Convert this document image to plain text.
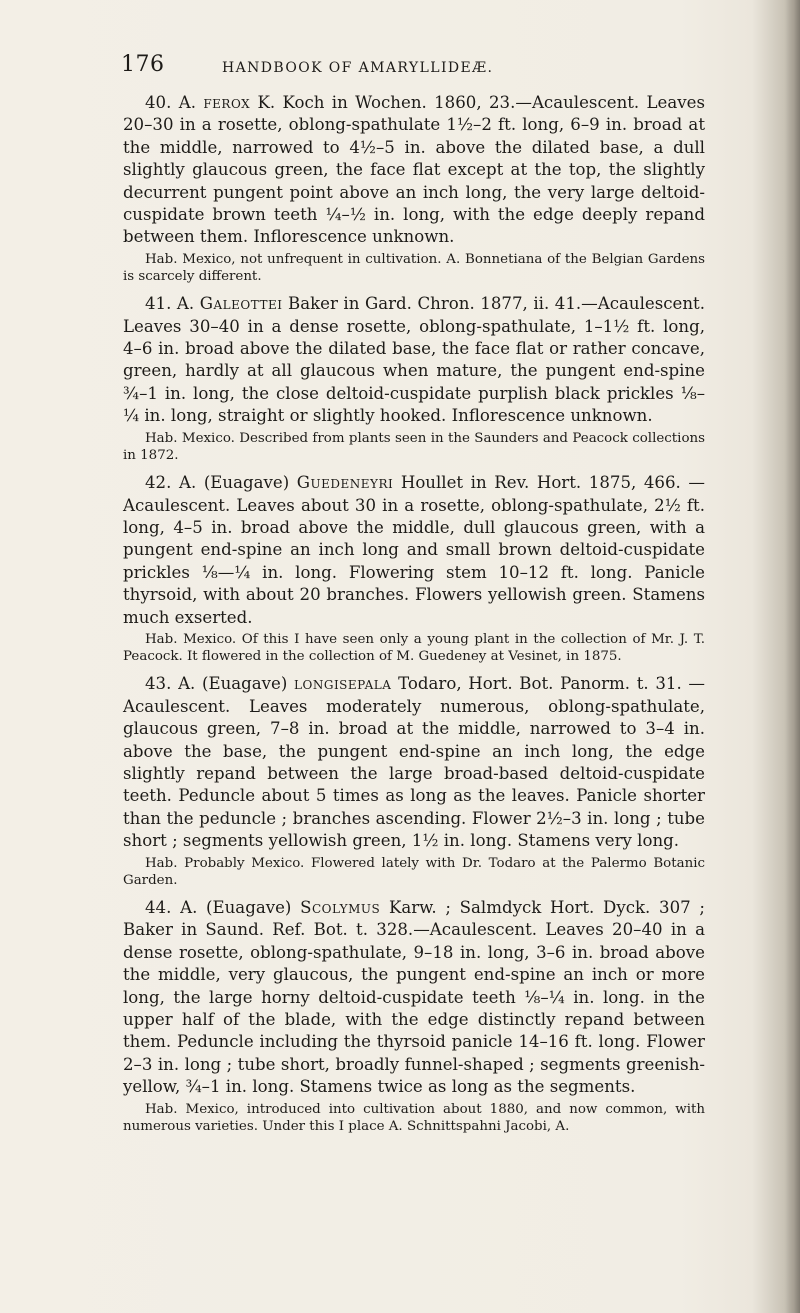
176	HANDBOOK OF AMARYLLIDEÆ.

40. A. ferox K. Koch in Wochen. 1860, 23.—Acaulescent. Leaves 20–30 in a rosette, oblong-spathulate 1½–2 ft. long, 6–9 in. broad at the middle, narrowed to 4½–5 in. above the dilated base, a dull slightly glaucous green, the face flat except at the top, the slightly decurrent pungent point above an inch long, the very large deltoid-cuspidate brown teeth ¼–½ in. long, with the edge deeply repand between them. Inflorescence unknown.

Hab. Mexico, not unfrequent in cultivation. A. Bonnetiana of the Belgian Gardens is scarcely different.

41. A. Galeottei Baker in Gard. Chron. 1877, ii. 41.—Acaulescent. Leaves 30–40 in a dense rosette, oblong-spathulate, 1–1½ ft. long, 4–6 in. broad above the dilated base, the face flat or rather concave, green, hardly at all glaucous when mature, the pungent end-spine ¾–1 in. long, the close deltoid-cuspidate purplish black prickles ⅛–¼ in. long, straight or slightly hooked. Inflorescence unknown.

Hab. Mexico. Described from plants seen in the Saunders and Peacock collections in 1872.

42. A. (Euagave) Guedeneyri Houllet in Rev. Hort. 1875, 466. —Acaulescent. Leaves about 30 in a rosette, oblong-spathulate, 2½ ft. long, 4–5 in. broad above the middle, dull glaucous green, with a pungent end-spine an inch long and small brown deltoid-cuspidate prickles ⅛—¼ in. long. Flowering stem 10–12 ft. long. Panicle thyrsoid, with about 20 branches. Flowers yellowish green. Stamens much exserted.

Hab. Mexico. Of this I have seen only a young plant in the collection of Mr. J. T. Peacock. It flowered in the collection of M. Guedeney at Vesinet, in 1875.

43. A. (Euagave) longisepala Todaro, Hort. Bot. Panorm. t. 31. —Acaulescent. Leaves moderately numerous, oblong-spathulate, glaucous green, 7–8 in. broad at the middle, narrowed to 3–4 in. above the base, the pungent end-spine an inch long, the edge slightly repand between the large broad-based deltoid-cuspidate teeth. Peduncle about 5 times as long as the leaves. Panicle shorter than the peduncle ; branches ascending. Flower 2½–3 in. long ; tube short ; segments yellowish green, 1½ in. long. Stamens very long.

Hab. Probably Mexico. Flowered lately with Dr. Todaro at the Palermo Botanic Garden.

44. A. (Euagave) Scolymus Karw. ; Salmdyck Hort. Dyck. 307 ; Baker in Saund. Ref. Bot. t. 328.—Acaulescent. Leaves 20–40 in a dense rosette, oblong-spathulate, 9–18 in. long, 3–6 in. broad above the middle, very glaucous, the pungent end-spine an inch or more long, the large horny deltoid-cuspidate teeth ⅛–¼ in. long. in the upper half of the blade, with the edge distinctly repand between them. Peduncle including the thyrsoid panicle 14–16 ft. long. Flower 2–3 in. long ; tube short, broadly funnel-shaped ; segments greenish-yellow, ¾–1 in. long. Stamens twice as long as the segments.

Hab. Mexico, introduced into cultivation about 1880, and now common, with numerous varieties. Under this I place A. Schnittspahni Jacobi, A.
